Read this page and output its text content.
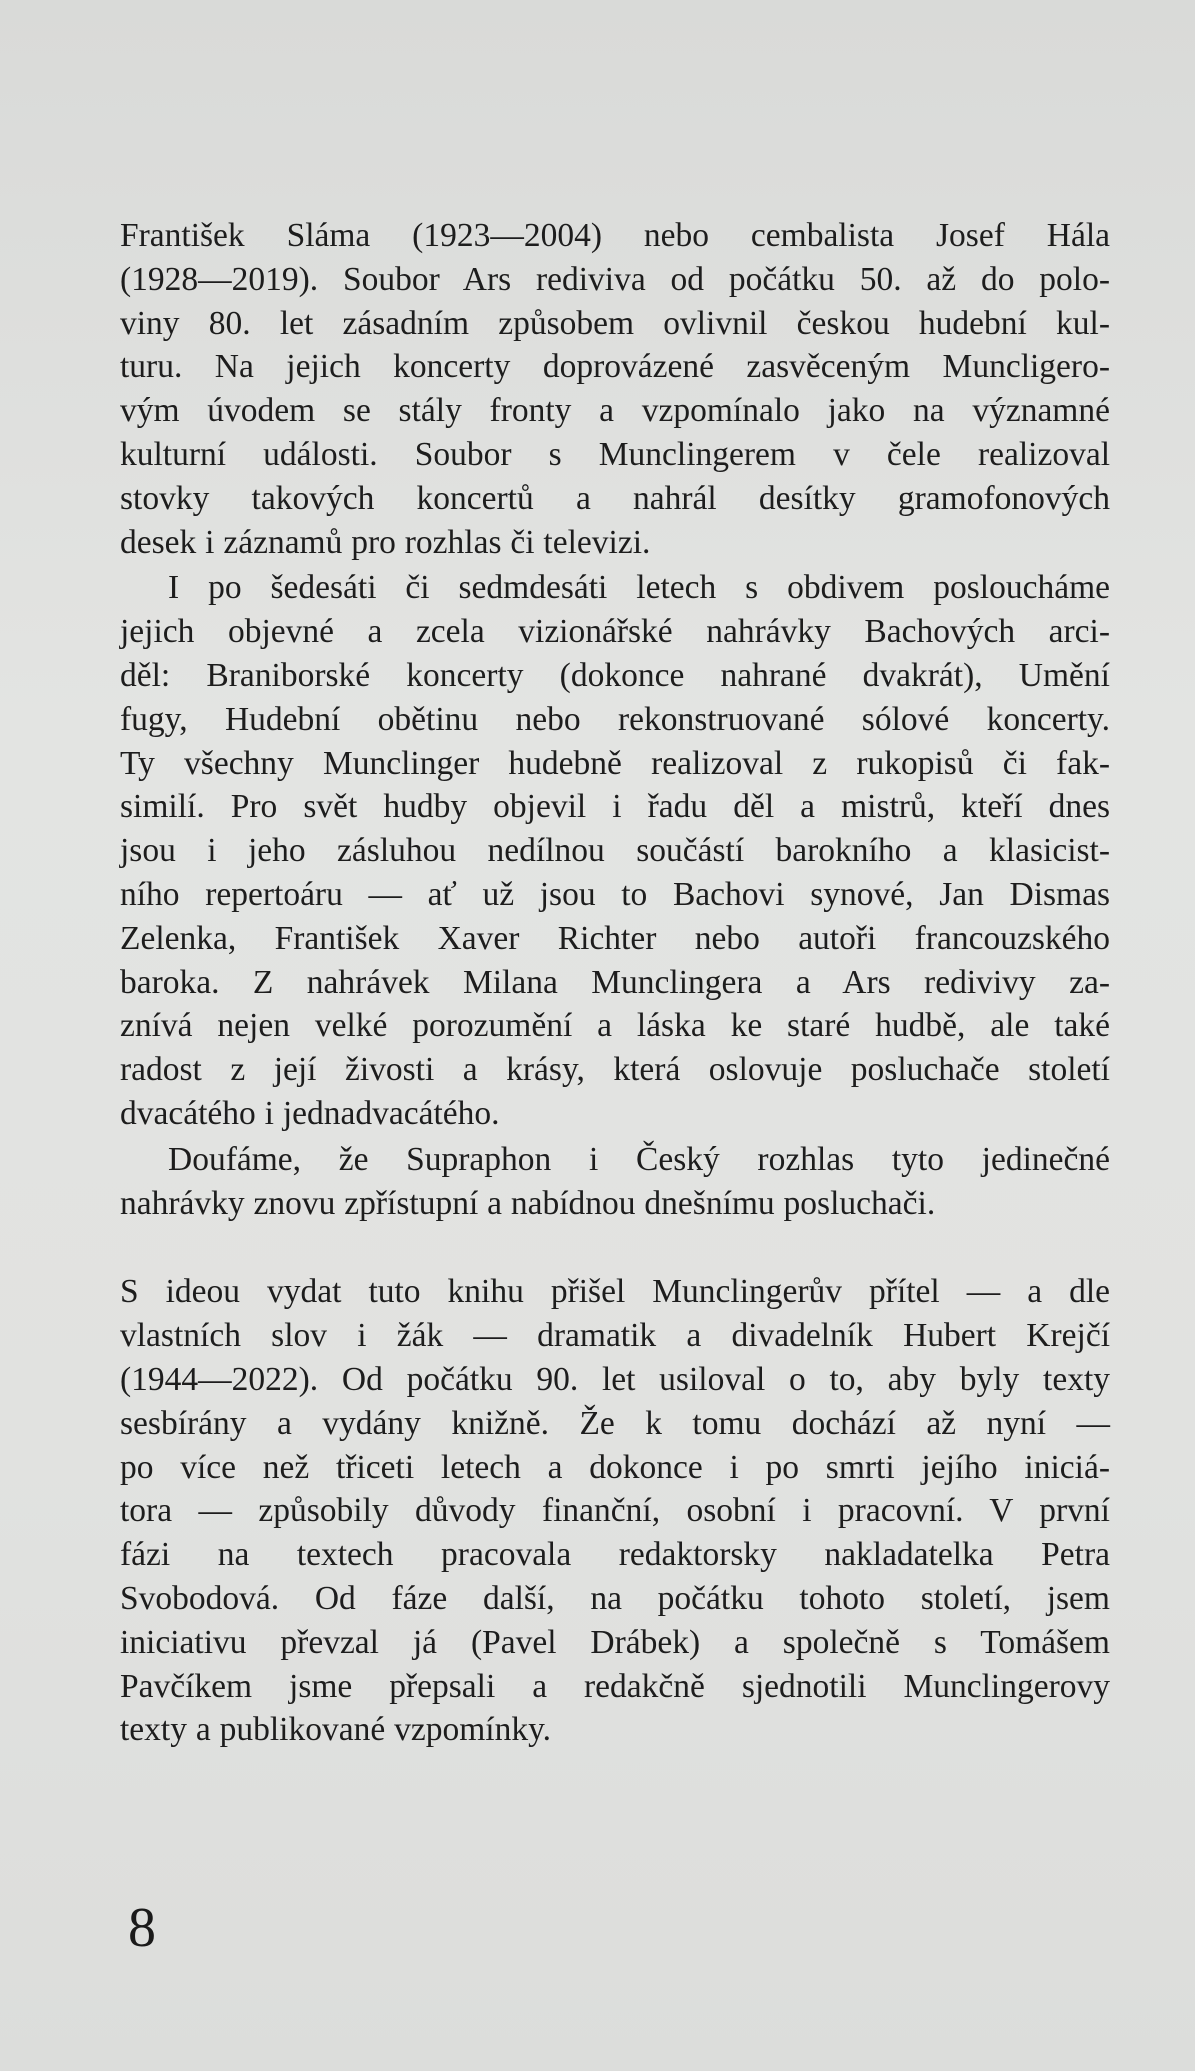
František Sláma (1923—2004) nebo cembalista Josef Hála
(1928—2019). Soubor Ars rediviva od počátku 50. až do polo-
viny 80. let zásadním způsobem ovlivnil českou hudební kul-
turu. Na jejich koncerty doprovázené zasvěceným Muncligero-
vým úvodem se stály fronty a vzpomínalo jako na významné
kulturní události. Soubor s Munclingerem v čele realizoval
stovky takových koncertů a nahrál desítky gramofonových
desek i záznamů pro rozhlas či televizi.
I po šedesáti či sedmdesáti letech s obdivem posloucháme
jejich objevné a zcela vizionářské nahrávky Bachových arci-
děl: Braniborské koncerty (dokonce nahrané dvakrát), Umění
fugy, Hudební obětinu nebo rekonstruované sólové koncerty.
Ty všechny Munclinger hudebně realizoval z rukopisů či fak-
similí. Pro svět hudby objevil i řadu děl a mistrů, kteří dnes
jsou i jeho zásluhou nedílnou součástí barokního a klasicist-
ního repertoáru — ať už jsou to Bachovi synové, Jan Dismas
Zelenka, František Xaver Richter nebo autoři francouzského
baroka. Z nahrávek Milana Munclingera a Ars redivivy za-
znívá nejen velké porozumění a láska ke staré hudbě, ale také
radost z její živosti a krásy, která oslovuje posluchače století
dvacátého i jednadvacátého.
Doufáme, že Supraphon i Český rozhlas tyto jedinečné
nahrávky znovu zpřístupní a nabídnou dnešnímu posluchači.
S ideou vydat tuto knihu přišel Munclingerův přítel — a dle
vlastních slov i žák — dramatik a divadelník Hubert Krejčí
(1944—2022). Od počátku 90. let usiloval o to, aby byly texty
sesbírány a vydány knižně. Že k tomu dochází až nyní —
po více než třiceti letech a dokonce i po smrti jejího iniciá-
tora — způsobily důvody finanční, osobní i pracovní. V první
fázi na textech pracovala redaktorsky nakladatelka Petra
Svobodová. Od fáze další, na počátku tohoto století, jsem
iniciativu převzal já (Pavel Drábek) a společně s Tomášem
Pavčíkem jsme přepsali a redakčně sjednotili Munclingerovy
texty a publikované vzpomínky.
8
